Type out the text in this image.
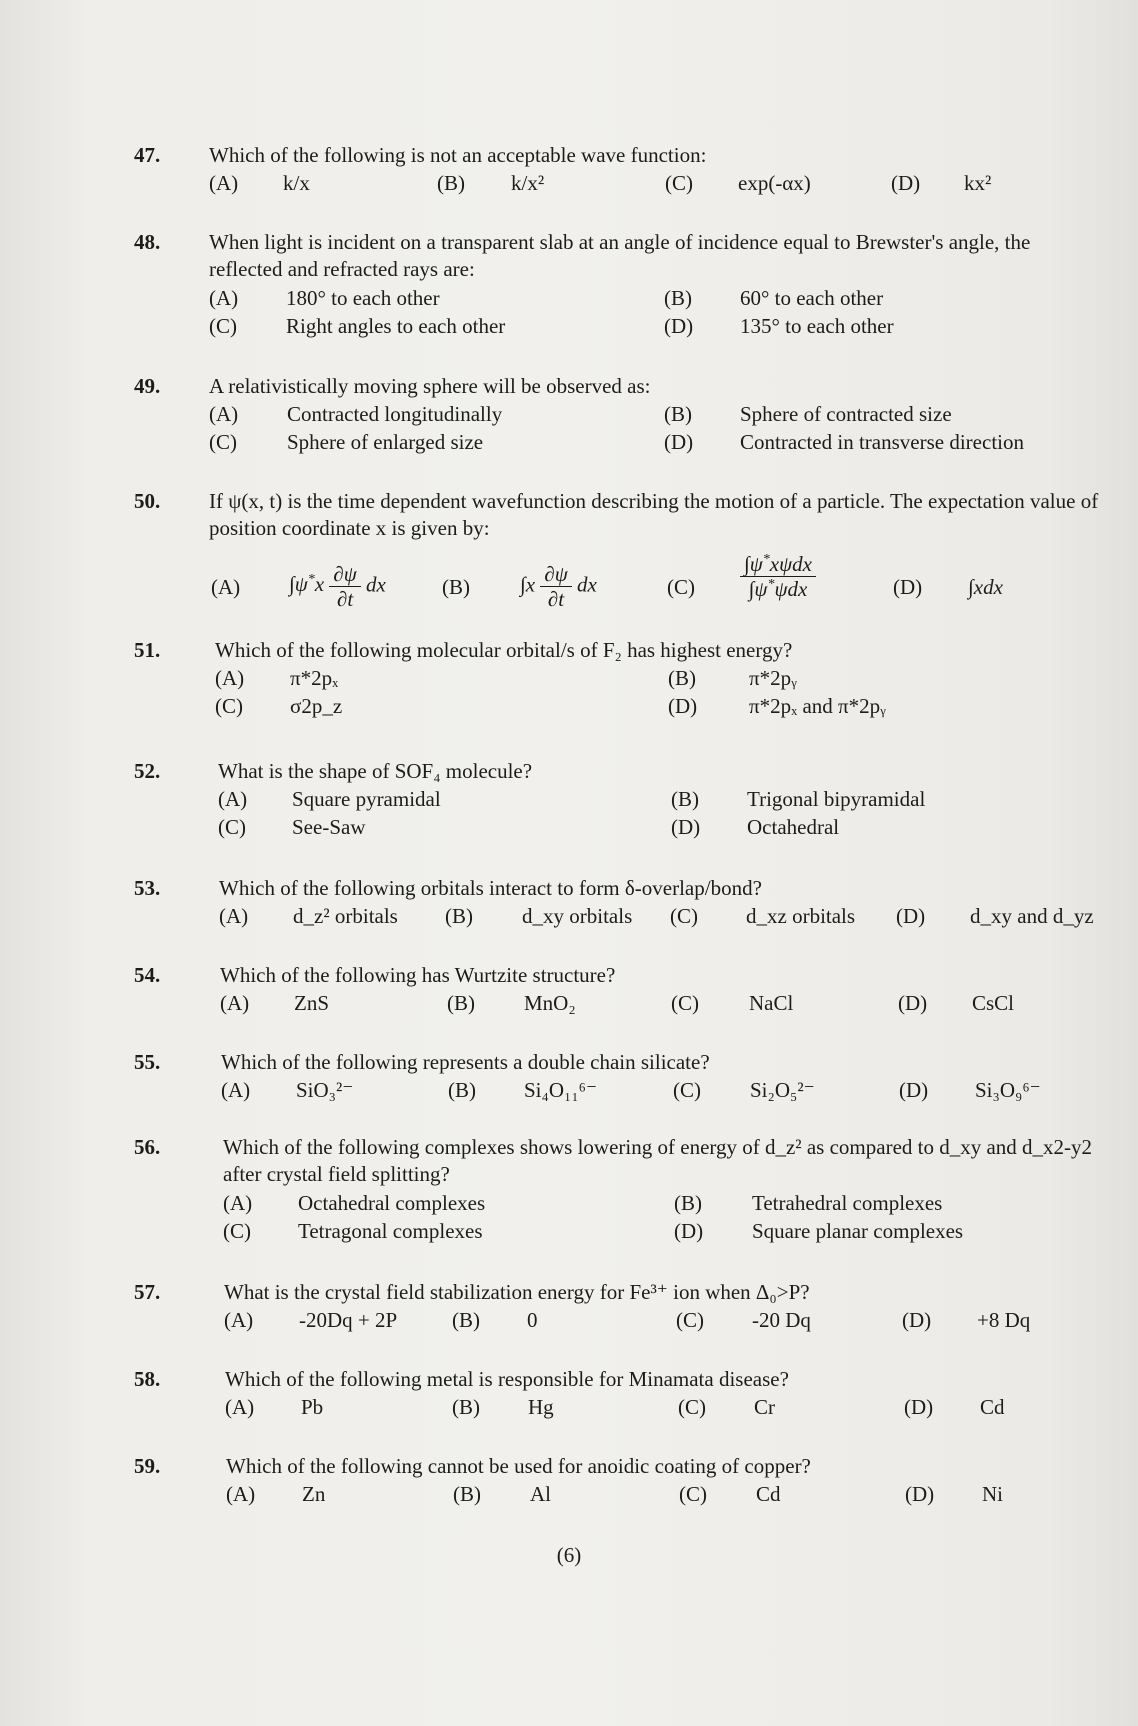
47. Which of the following is not an acceptable wave function:
(A) k/x	(B) k/x²	(C) exp(-αx)	(D) kx²
48. When light is incident on a transparent slab at an angle of incidence equal to Brewster's angle, the reflected and refracted rays are:
(A) 180° to each other	(B) 60° to each other
(C) Right angles to each other	(D) 135° to each other
49. A relativistically moving sphere will be observed as:
(A) Contracted longitudinally	(B) Sphere of contracted size
(C) Sphere of enlarged size	(D) Contracted in transverse direction
50. If ψ(x, t) is the time dependent wavefunction describing the motion of a particle. The expectation value of position coordinate x is given by:
(A) $\int\psi^*x \frac{\partial\psi}{\partial t}$ dx	(B) $\int x \frac{\partial\psi}{\partial t}$ dx	$(C) \frac{\int\psi^*x\psi dx}{\int\psi^*\psi dx}$	(D) ∫xdx
51.	Which of the following molecular orbital/s of F₂ has highest energy?
(A) π*2pₓ	(B)	π*2pᵧ
(C) σ2p_z	(D) π*2pₓ and π*2pᵧ
52.	What is the shape of SOF₄ molecule?
(A) Square pyramidal	(B) Trigonal bipyramidal
(C) See-Saw	(D) Octahedral
53.	Which of the following orbitals interact to form δ-overlap/bond?
(A) d_z² orbitals (B) d_xy orbitals (C) d_xz orbitals (D) d_xy and d_yz
54.	Which of the following has Wurtzite structure?
(A) ZnS	(B) MnO₂	(C) NaCl	(D) CsCl
55.	Which of the following represents a double chain silicate?
(A) SiO₃²⁻	(B) Si₄O₁₁⁶⁻	(C) Si₂O₅²⁻	(D) Si₃O₉⁶⁻
56.	Which of the following complexes shows lowering of energy of d_z² as compared to d_xy and d_x2-y2 after crystal field splitting?
(A) Octahedral complexes	(B) Tetrahedral complexes
(C) Tetragonal complexes	(D) Square planar complexes
57.	What is the crystal field stabilization energy for Fe³⁺ ion when Δ₀>P?
(A) -20Dq + 2P	(B) 0	(C) -20 Dq	(D) +8 Dq
58.	Which of the following metal is responsible for Minamata disease?
(A) Pb	(B) Hg	(C) Cr	(D) Cd
59.	Which of the following cannot be used for anoidic coating of copper?
(A) Zn	(B) Al	(C) Cd	(D) Ni
(6)
